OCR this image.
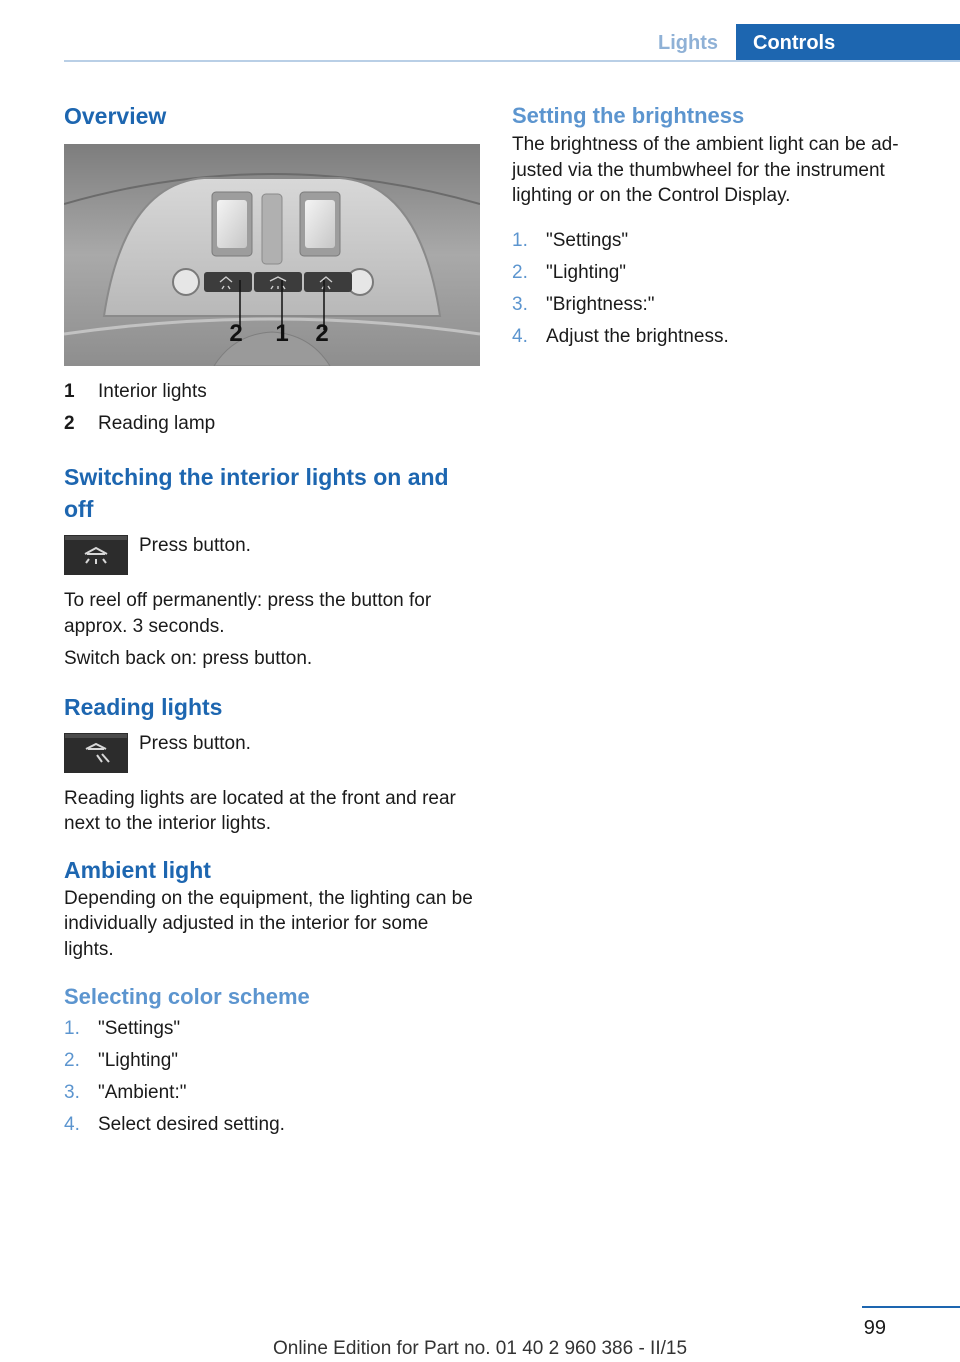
Lights	Controls
Overview
2 1 2
1	Interior lights
2	Reading lamp
Switching the interior lights on and off
Press button.

To reel off permanently: press the button for approx. 3 seconds.

Switch back on: press button.

Reading lights
Press button.

Reading lights are located at the front and rear next to the interior lights.

Ambient light

Depending on the equipment, the lighting can be individually adjusted in the interior for some lights.

Selecting color scheme
1. "Settings"
2. "Lighting"
3. "Ambient:"
4. Select desired setting.
Setting the brightness

The brightness of the ambient light can be ad‐justed via the thumbwheel for the instrument lighting or on the Control Display.

1. "Settings"
2. "Lighting"
3. "Brightness:"
4. Adjust the brightness.
99
Online Edition for Part no. 01 40 2 960 386 - II/15
